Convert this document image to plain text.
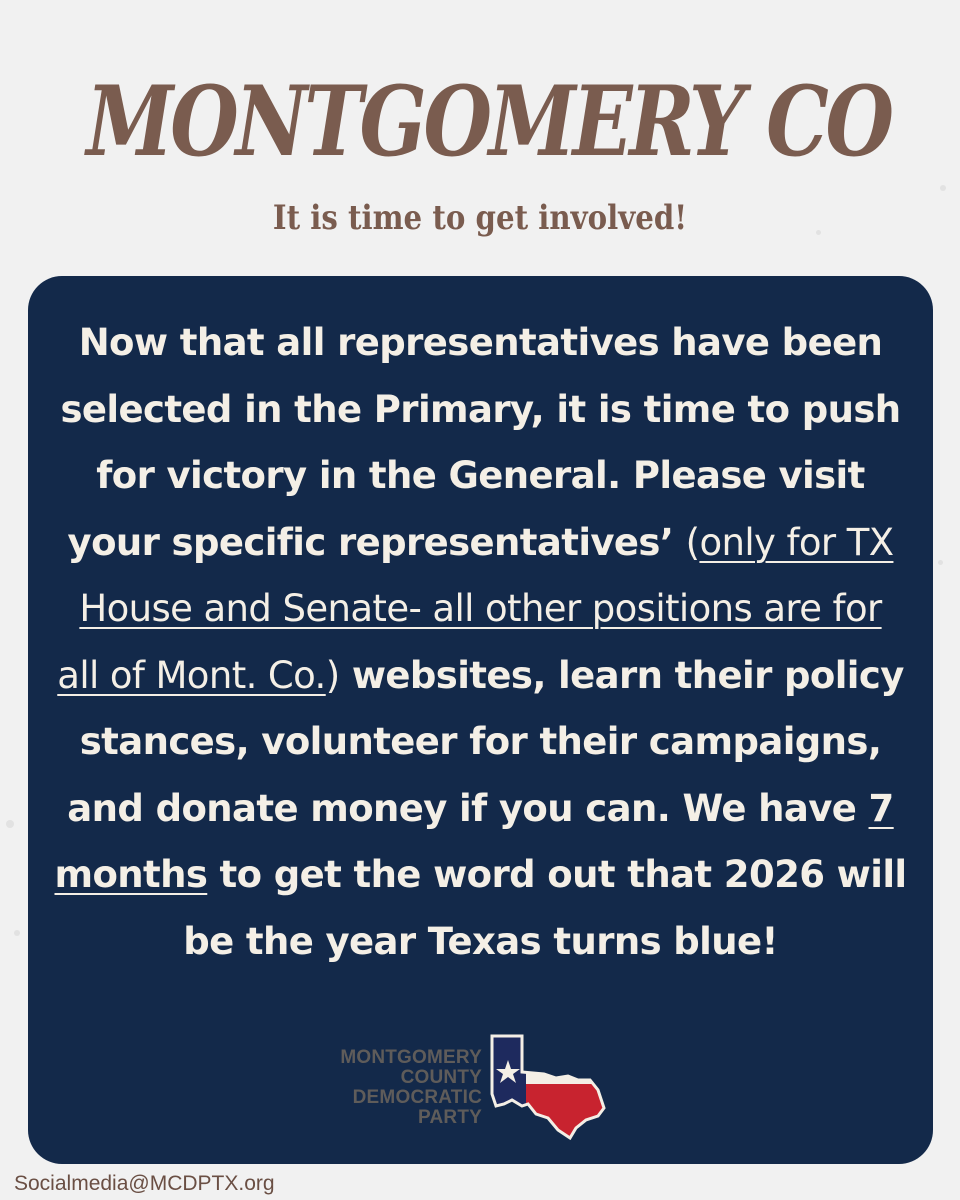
MONTGOMERY CO
It is time to get involved!

Now that all representatives have been selected in the Primary, it is time to push for victory in the General. Please visit your specific representatives’ (only for TX House and Senate- all other positions are for all of Mont. Co.) websites, learn their policy stances, volunteer for their campaigns, and donate money if you can. We have 7 months to get the word out that 2026 will be the year Texas turns blue!

MONTGOMERY
COUNTY
DEMOCRATIC
PARTY
Socialmedia@MCDPTX.org
